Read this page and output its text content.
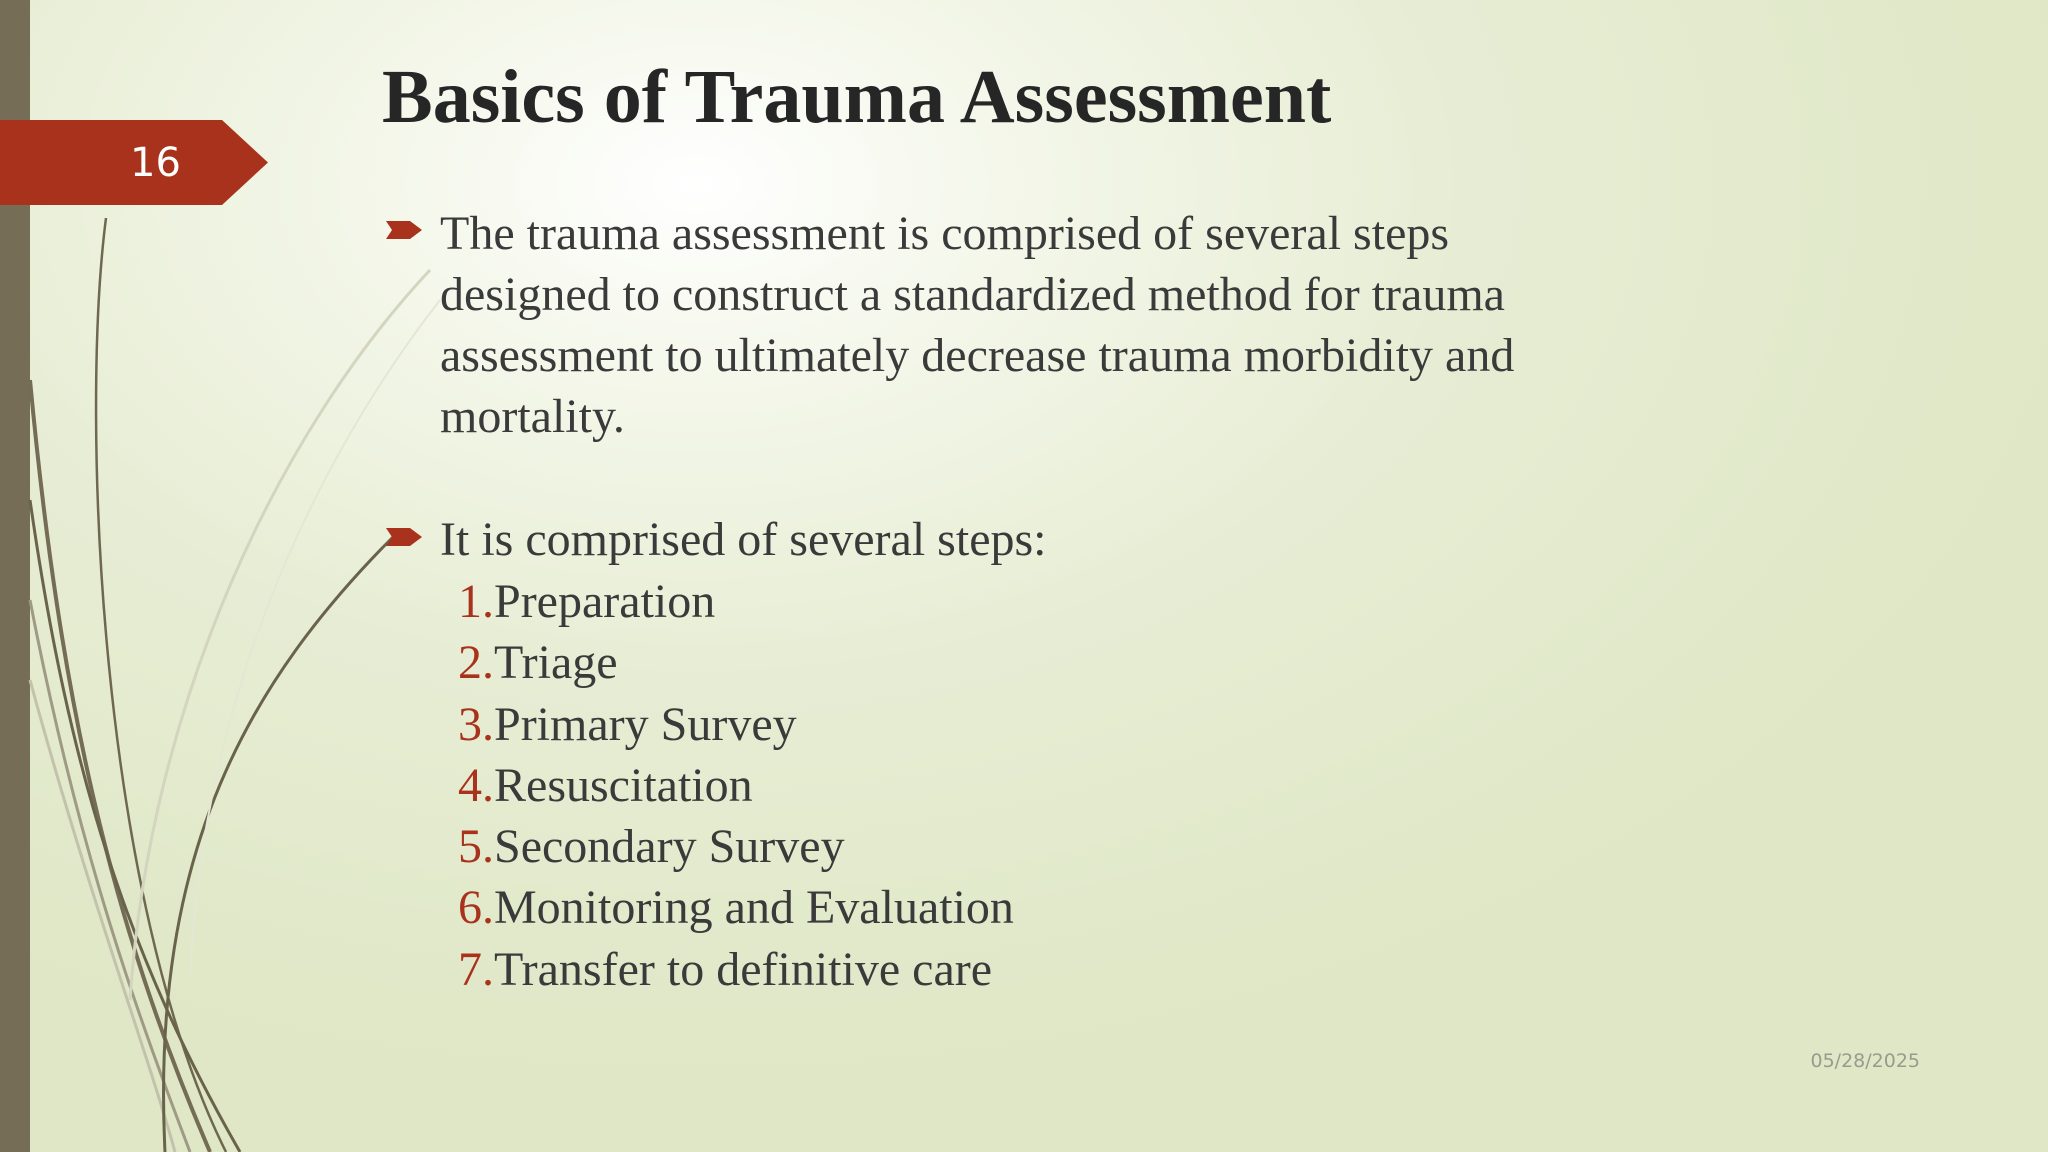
16
Basics of Trauma Assessment
The trauma assessment is comprised of several steps
designed to construct a standardized method for trauma
assessment to ultimately decrease trauma morbidity and
mortality.
It is comprised of several steps:
1.Preparation
2.Triage
3.Primary Survey
4.Resuscitation
5.Secondary Survey
6.Monitoring and Evaluation
7.Transfer to definitive care
05/28/2025
